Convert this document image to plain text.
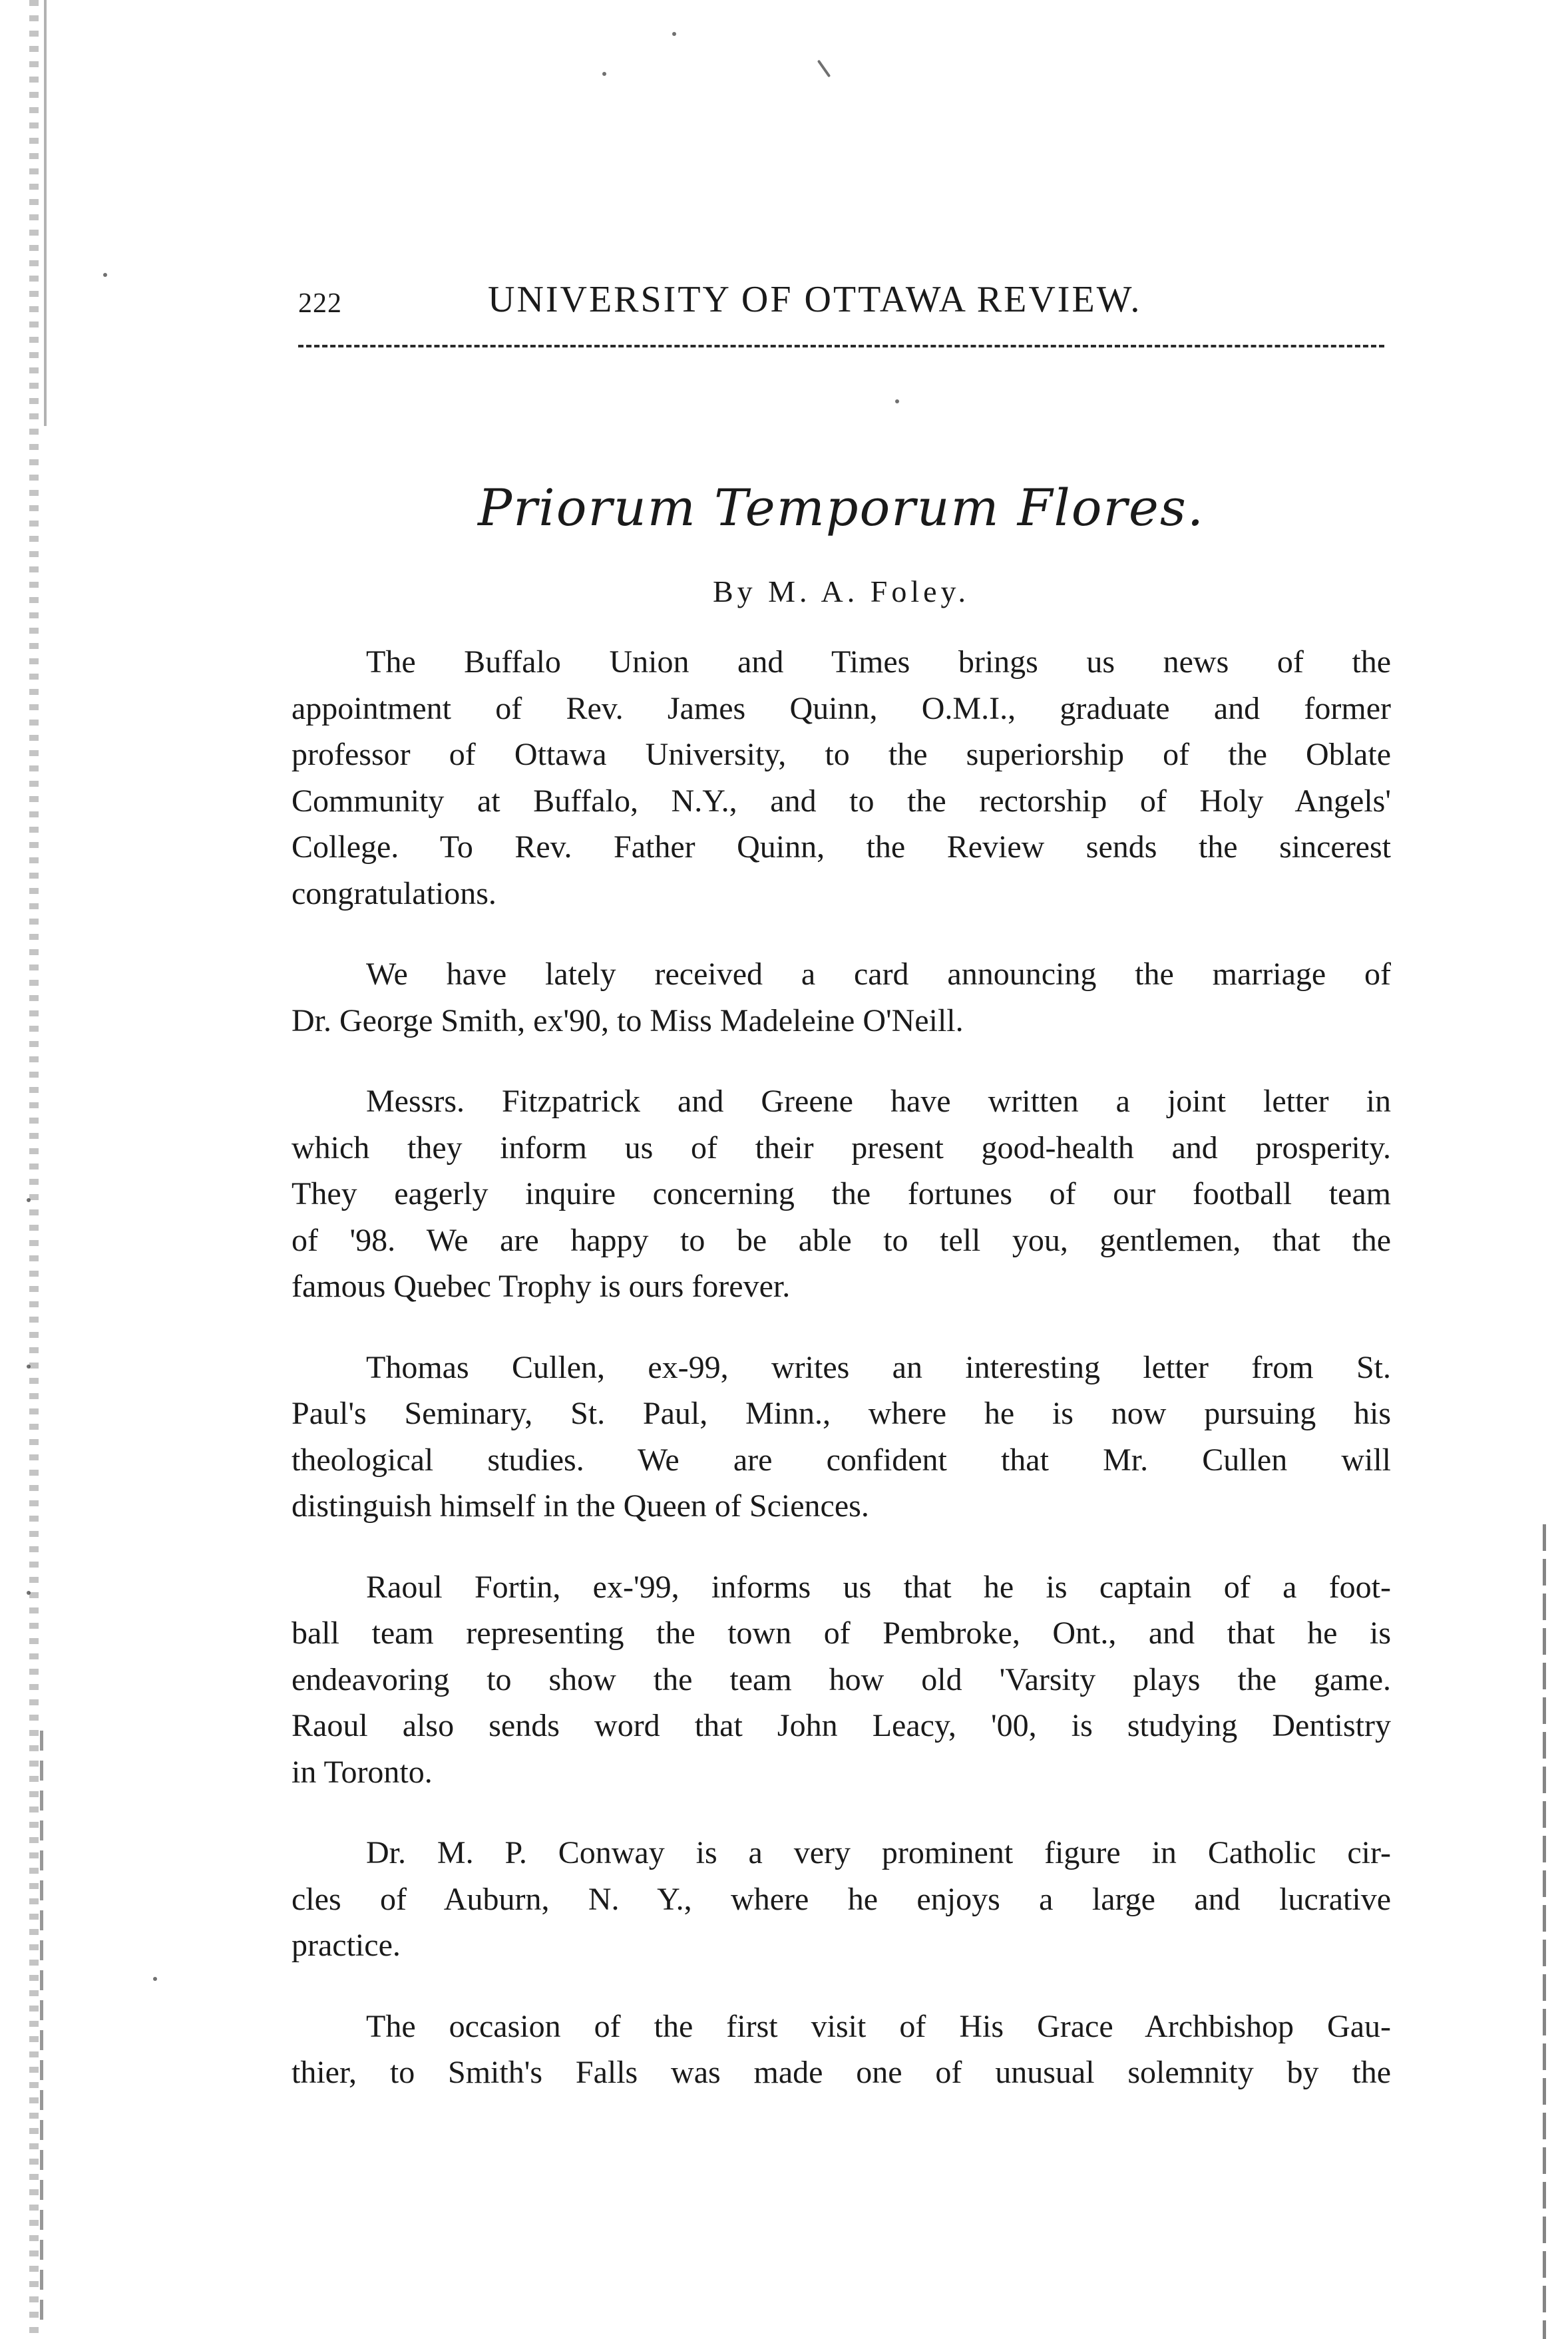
222	UNIVERSITY OF OTTAWA REVIEW.
Priorum Temporum Flores.
By M. A. Foley.

The Buffalo Union and Times brings us news of the
appointment of Rev. James Quinn, O.M.I., graduate and former
professor of Ottawa University, to the superiorship of the Oblate
Community at Buffalo, N.Y., and to the rectorship of Holy Angels'
College. To Rev. Father Quinn, the Review sends the sincerest
congratulations.

We have lately received a card announcing the marriage of
Dr. George Smith, ex'90, to Miss Madeleine O'Neill.

Messrs. Fitzpatrick and Greene have written a joint letter in
which they inform us of their present good-health and prosperity.
They eagerly inquire concerning the fortunes of our football team
of '98. We are happy to be able to tell you, gentlemen, that the
famous Quebec Trophy is ours forever.

Thomas Cullen, ex-99, writes an interesting letter from St.
Paul's Seminary, St. Paul, Minn., where he is now pursuing his
theological studies. We are confident that Mr. Cullen will
distinguish himself in the Queen of Sciences.

Raoul Fortin, ex-'99, informs us that he is captain of a foot-
ball team representing the town of Pembroke, Ont., and that he is
endeavoring to show the team how old 'Varsity plays the game.
Raoul also sends word that John Leacy, '00, is studying Dentistry
in Toronto.

Dr. M. P. Conway is a very prominent figure in Catholic cir-
cles of Auburn, N. Y., where he enjoys a large and lucrative
practice.

The occasion of the first visit of His Grace Archbishop Gau-
thier, to Smith's Falls was made one of unusual solemnity by the
